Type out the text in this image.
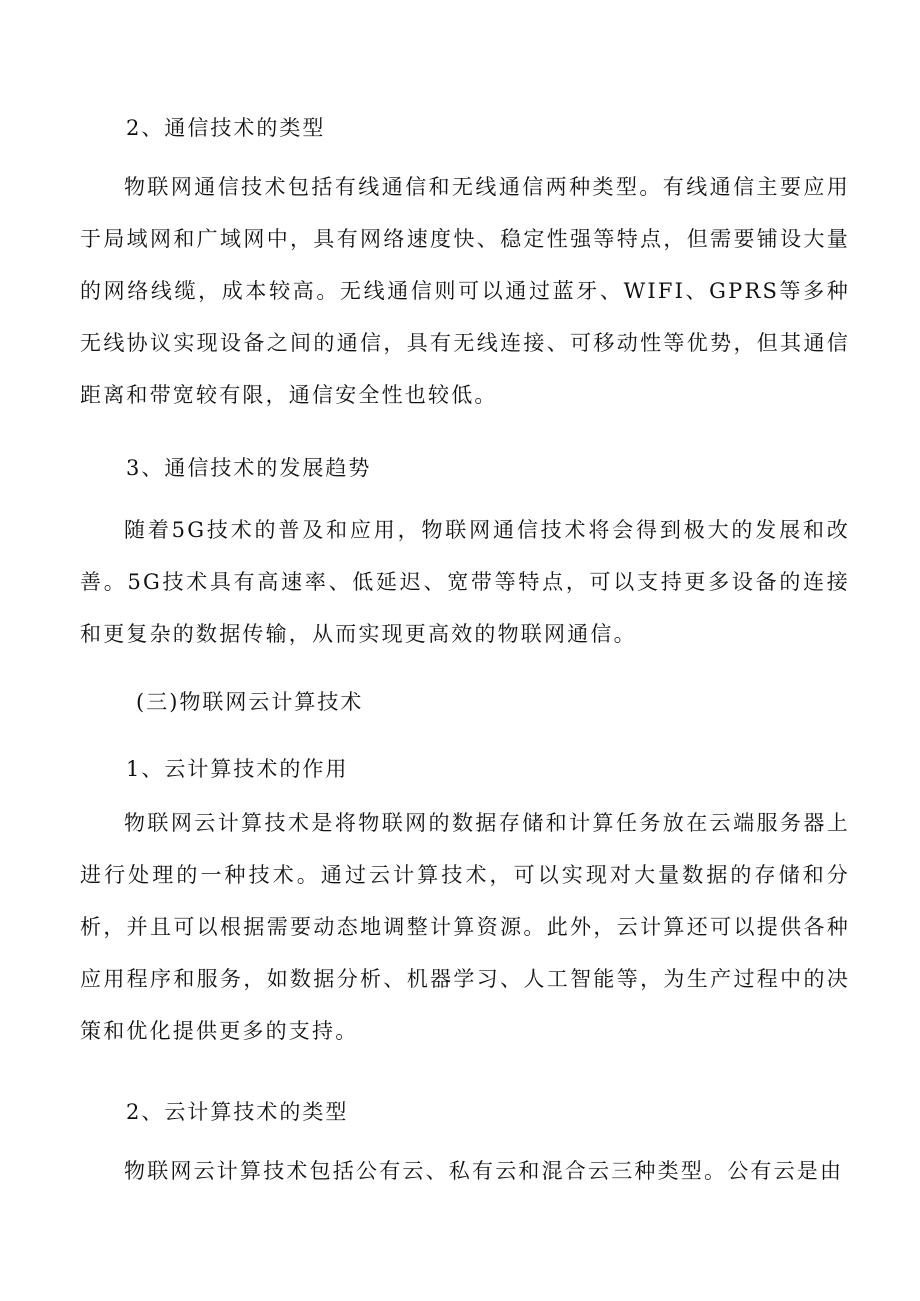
2、通信技术的类型

物联网通信技术包括有线通信和无线通信两种类型。有线通信主要应用于局域网和广域网中，具有网络速度快、稳定性强等特点，但需要铺设大量的网络线缆，成本较高。无线通信则可以通过蓝牙、WIFI、GPRS等多种无线协议实现设备之间的通信，具有无线连接、可移动性等优势，但其通信距离和带宽较有限，通信安全性也较低。

3、通信技术的发展趋势

随着5G技术的普及和应用，物联网通信技术将会得到极大的发展和改善。5G技术具有高速率、低延迟、宽带等特点，可以支持更多设备的连接和更复杂的数据传输，从而实现更高效的物联网通信。

(三)物联网云计算技术
1、云计算技术的作用

物联网云计算技术是将物联网的数据存储和计算任务放在云端服务器上进行处理的一种技术。通过云计算技术，可以实现对大量数据的存储和分析，并且可以根据需要动态地调整计算资源。此外，云计算还可以提供各种应用程序和服务，如数据分析、机器学习、人工智能等，为生产过程中的决策和优化提供更多的支持。

2、云计算技术的类型

物联网云计算技术包括公有云、私有云和混合云三种类型。公有云是由
